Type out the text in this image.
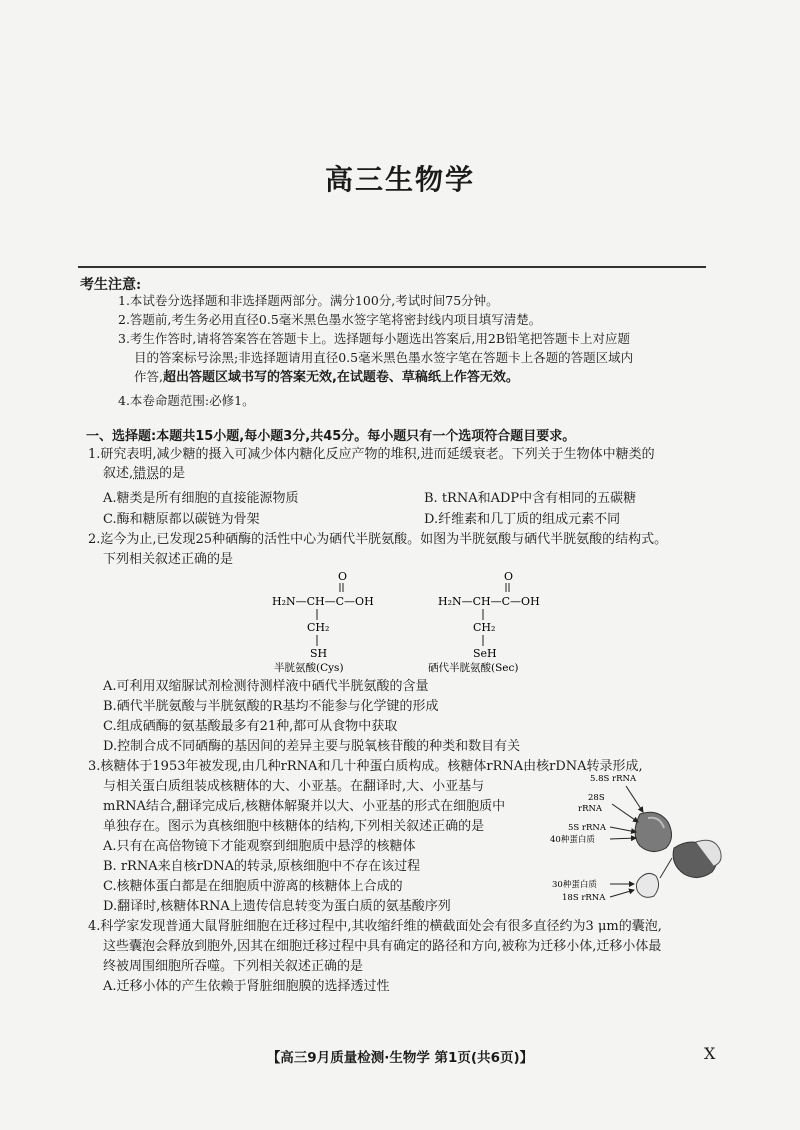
高三生物学
考生注意:
1.本试卷分选择题和非选择题两部分。满分100分,考试时间75分钟。
2.答题前,考生务必用直径0.5毫米黑色墨水签字笔将密封线内项目填写清楚。
3.考生作答时,请将答案答在答题卡上。选择题每小题选出答案后,用2B铅笔把答题卡上对应题
目的答案标号涂黑;非选择题请用直径0.5毫米黑色墨水签字笔在答题卡上各题的答题区域内
作答,超出答题区域书写的答案无效,在试题卷、草稿纸上作答无效。
4.本卷命题范围:必修1。
一、选择题:本题共15小题,每小题3分,共45分。每小题只有一个选项符合题目要求。
1.研究表明,减少糖的摄入可减少体内糖化反应产物的堆积,进而延缓衰老。下列关于生物体中糖类的
叙述,错误的是
A.糖类是所有细胞的直接能源物质	B. tRNA和ADP中含有相同的五碳糖
C.酶和糖原都以碳链为骨架	D.纤维素和几丁质的组成元素不同
2.迄今为止,已发现25种硒酶的活性中心为硒代半胱氨酸。如图为半胱氨酸与硒代半胱氨酸的结构式。
下列相关叙述正确的是
O
H₂N—CH—C—OH
CH₂
SH
半胱氨酸(Cys)
O
H₂N—CH—C—OH
CH₂
SeH
硒代半胱氨酸(Sec)
A.可利用双缩脲试剂检测待测样液中硒代半胱氨酸的含量
B.硒代半胱氨酸与半胱氨酸的R基均不能参与化学键的形成
C.组成硒酶的氨基酸最多有21种,都可从食物中获取
D.控制合成不同硒酶的基因间的差异主要与脱氧核苷酸的种类和数目有关
3.核糖体于1953年被发现,由几种rRNA和几十种蛋白质构成。核糖体rRNA由核rDNA转录形成,
与相关蛋白质组装成核糖体的大、小亚基。在翻译时,大、小亚基与
mRNA结合,翻译完成后,核糖体解聚并以大、小亚基的形式在细胞质中
单独存在。图示为真核细胞中核糖体的结构,下列相关叙述正确的是
A.只有在高倍物镜下才能观察到细胞质中悬浮的核糖体
B. rRNA来自核rDNA的转录,原核细胞中不存在该过程
C.核糖体蛋白都是在细胞质中游离的核糖体上合成的
D.翻译时,核糖体RNA上遗传信息转变为蛋白质的氨基酸序列
5.8S rRNA
28S
rRNA
5S rRNA
40种蛋白质
30种蛋白质
18S rRNA
4.科学家发现普通大鼠肾脏细胞在迁移过程中,其收缩纤维的横截面处会有很多直径约为3 μm的囊泡,
这些囊泡会释放到胞外,因其在细胞迁移过程中具有确定的路径和方向,被称为迁移小体,迁移小体最
终被周围细胞所吞噬。下列相关叙述正确的是
A.迁移小体的产生依赖于肾脏细胞膜的选择透过性
【高三9月质量检测·生物学 第1页(共6页)】	X
